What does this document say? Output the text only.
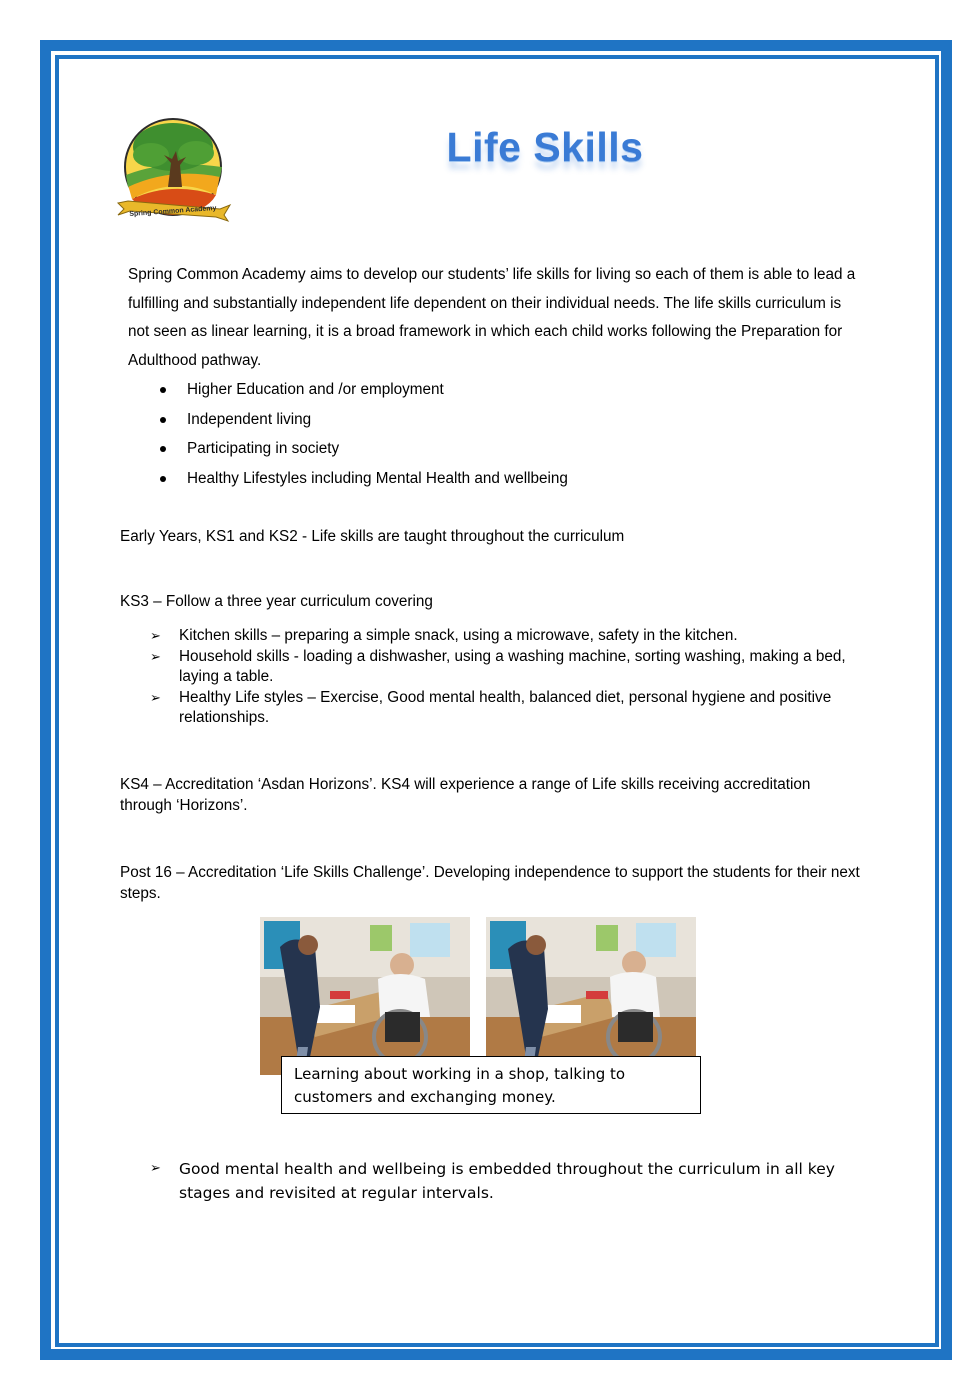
Spring Common Academy
Life Skills
Spring Common Academy aims to develop our students’ life skills for living so each of them is able to lead a fulfilling and substantially independent life dependent on their individual needs. The life skills curriculum is not seen as linear learning, it is a broad framework in which each child works following the Preparation for Adulthood pathway.
Higher Education and /or employment
Independent living
Participating in society
Healthy Lifestyles including Mental Health and wellbeing
Early Years, KS1 and KS2 - Life skills are taught throughout the curriculum
KS3 – Follow a three year curriculum covering
➢ Kitchen skills – preparing a simple snack, using a microwave, safety in the kitchen.
➢ Household skills - loading a dishwasher, using a washing machine, sorting washing, making a bed, laying a table.
➢ Healthy Life styles – Exercise, Good mental health, balanced diet, personal hygiene and positive relationships.
KS4 – Accreditation ‘Asdan Horizons’. KS4 will experience a range of Life skills receiving accreditation through ‘Horizons’.
Post 16 – Accreditation ‘Life Skills Challenge’. Developing independence to support the students for their next steps.
Learning about working in a shop, talking to customers and exchanging money.
➢ Good mental health and wellbeing is embedded throughout the curriculum in all key stages and revisited at regular intervals.
